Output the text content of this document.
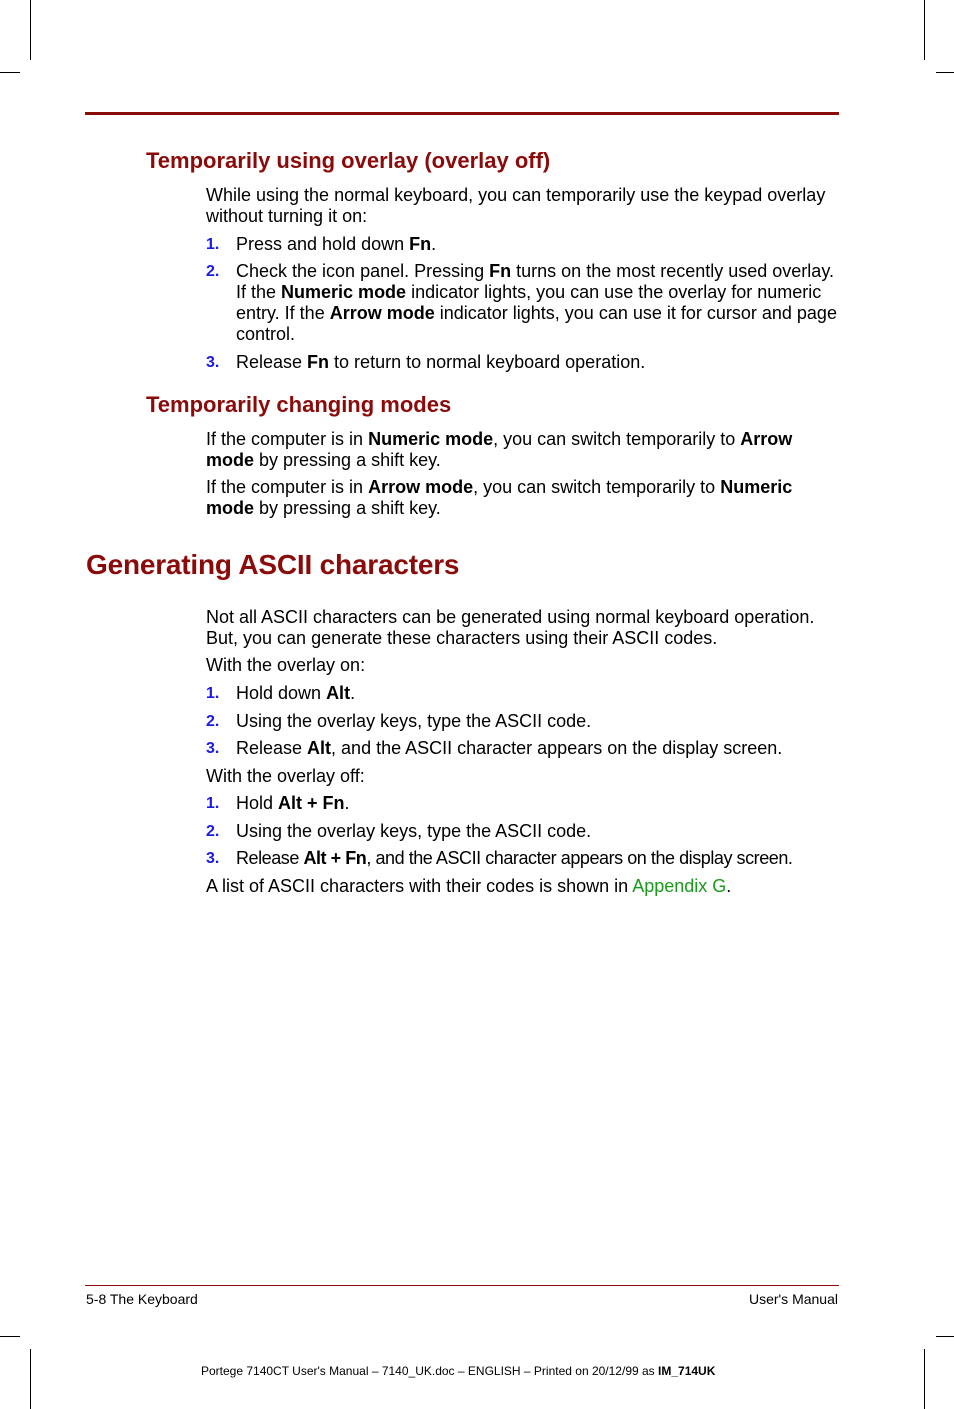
Temporarily using overlay (overlay off)

While using the normal keyboard, you can temporarily use the keypad overlay without turning it on:

1. Press and hold down Fn.
2. Check the icon panel. Pressing Fn turns on the most recently used overlay. If the Numeric mode indicator lights, you can use the overlay for numeric entry. If the Arrow mode indicator lights, you can use it for cursor and page control.
3. Release Fn to return to normal keyboard operation.
Temporarily changing modes

If the computer is in Numeric mode, you can switch temporarily to Arrow mode by pressing a shift key.

If the computer is in Arrow mode, you can switch temporarily to Numeric mode by pressing a shift key.

Generating ASCII characters

Not all ASCII characters can be generated using normal keyboard operation. But, you can generate these characters using their ASCII codes.

With the overlay on:

1. Hold down Alt.
2. Using the overlay keys, type the ASCII code.
3. Release Alt, and the ASCII character appears on the display screen.

With the overlay off:

1. Hold Alt + Fn.
2. Using the overlay keys, type the ASCII code.
3. Release Alt + Fn, and the ASCII character appears on the display screen.

A list of ASCII characters with their codes is shown in Appendix G.

5-8 The Keyboard	User's Manual
Portege 7140CT User's Manual – 7140_UK.doc – ENGLISH – Printed on 20/12/99 as IM_714UK
